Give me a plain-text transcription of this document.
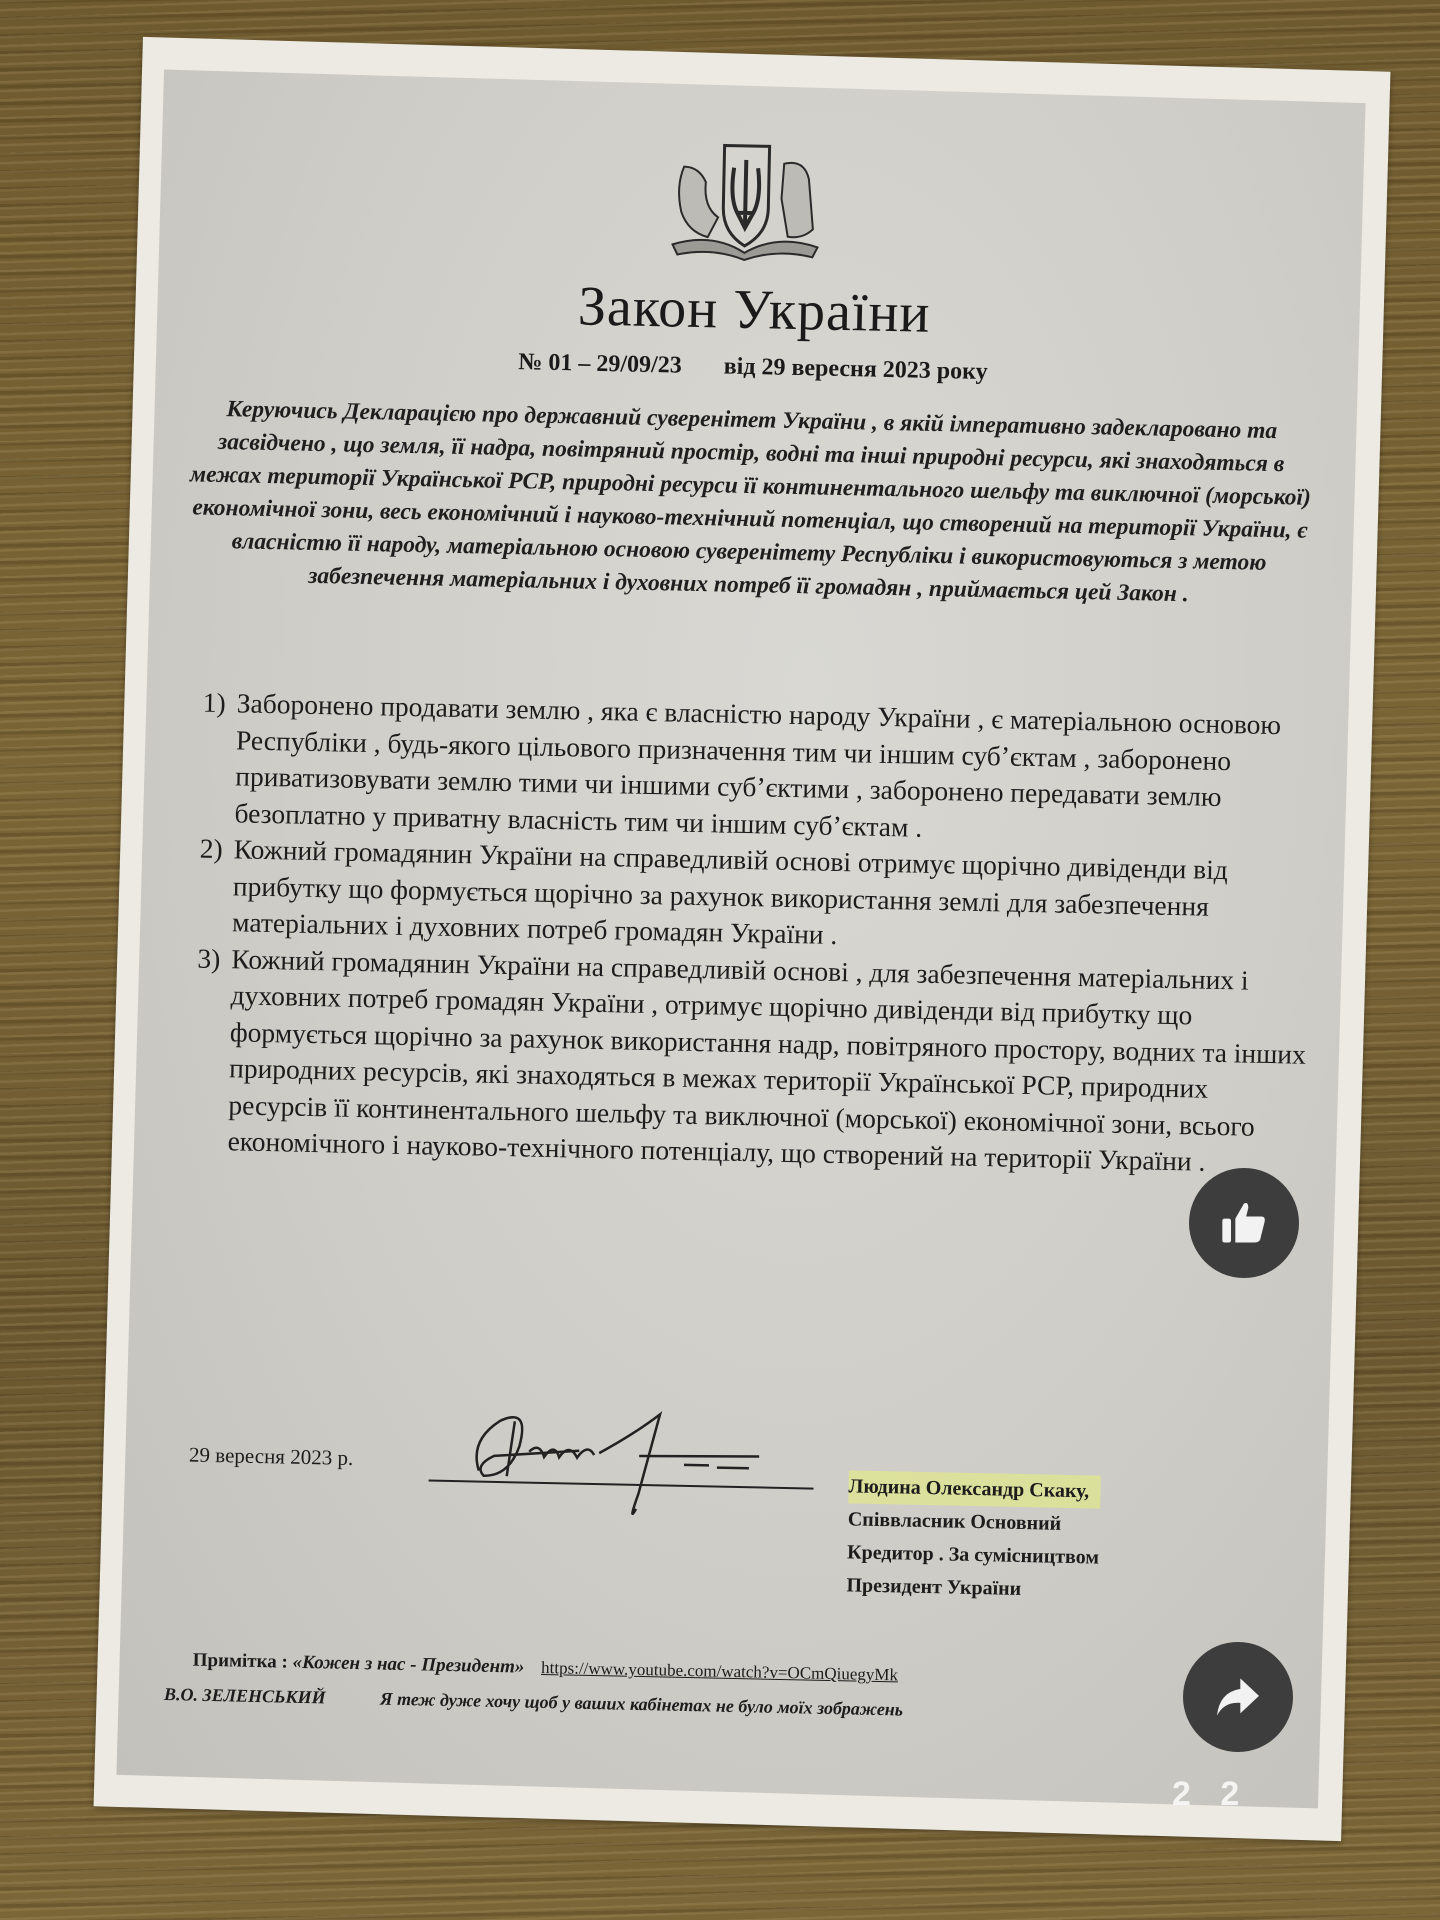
Закон України
№ 01 – 29/09/23 від 29 вересня 2023 року
Керуючись Декларацією про державний суверенітет України , в якій імперативно задекларовано та засвідчено , що земля, її надра, повітряний простір, водні та інші природні ресурси, які знаходяться в межах території Української РСР, природні ресурси її континентального шельфу та виключної (морської) економічної зони, весь економічний і науково-технічний потенціал, що створений на території України, є власністю її народу, матеріальною основою суверенітету Республіки і використовуються з метою забезпечення матеріальних і духовних потреб її громадян , приймається цей Закон .
1) Заборонено продавати землю , яка є власністю народу України , є матеріальною основою Республіки , будь-якого цільового призначення тим чи іншим суб’єктам , заборонено приватизовувати землю тими чи іншими суб’єктими , заборонено передавати землю безоплатно у приватну власність тим чи іншим суб’єктам .
2) Кожний громадянин України на справедливій основі отримує щорічно дивіденди від прибутку що формується щорічно за рахунок використання землі для забезпечення матеріальних і духовних потреб громадян України .
3) Кожний громадянин України на справедливій основі , для забезпечення матеріальних і духовних потреб громадян України , отримує щорічно дивіденди від прибутку що формується щорічно за рахунок використання надр, повітряного простору, водних та інших природних ресурсів, які знаходяться в межах території Української РСР, природних ресурсів її континентального шельфу та виключної (морської) економічної зони, всього економічного і науково-технічного потенціалу, що створений на території України .
29 вересня 2023 р.
Людина Олександр Скаку,
Співвласник Основний
Кредитор . За сумісництвом
Президент України
Примітка : «Кожен з нас - Президент» https://www.youtube.com/watch?v=OCmQiuegyMk
В.О. ЗЕЛЕНСЬКИЙ	Я теж дуже хочу щоб у ваших кабінетах не було моїх зображень
2 2
